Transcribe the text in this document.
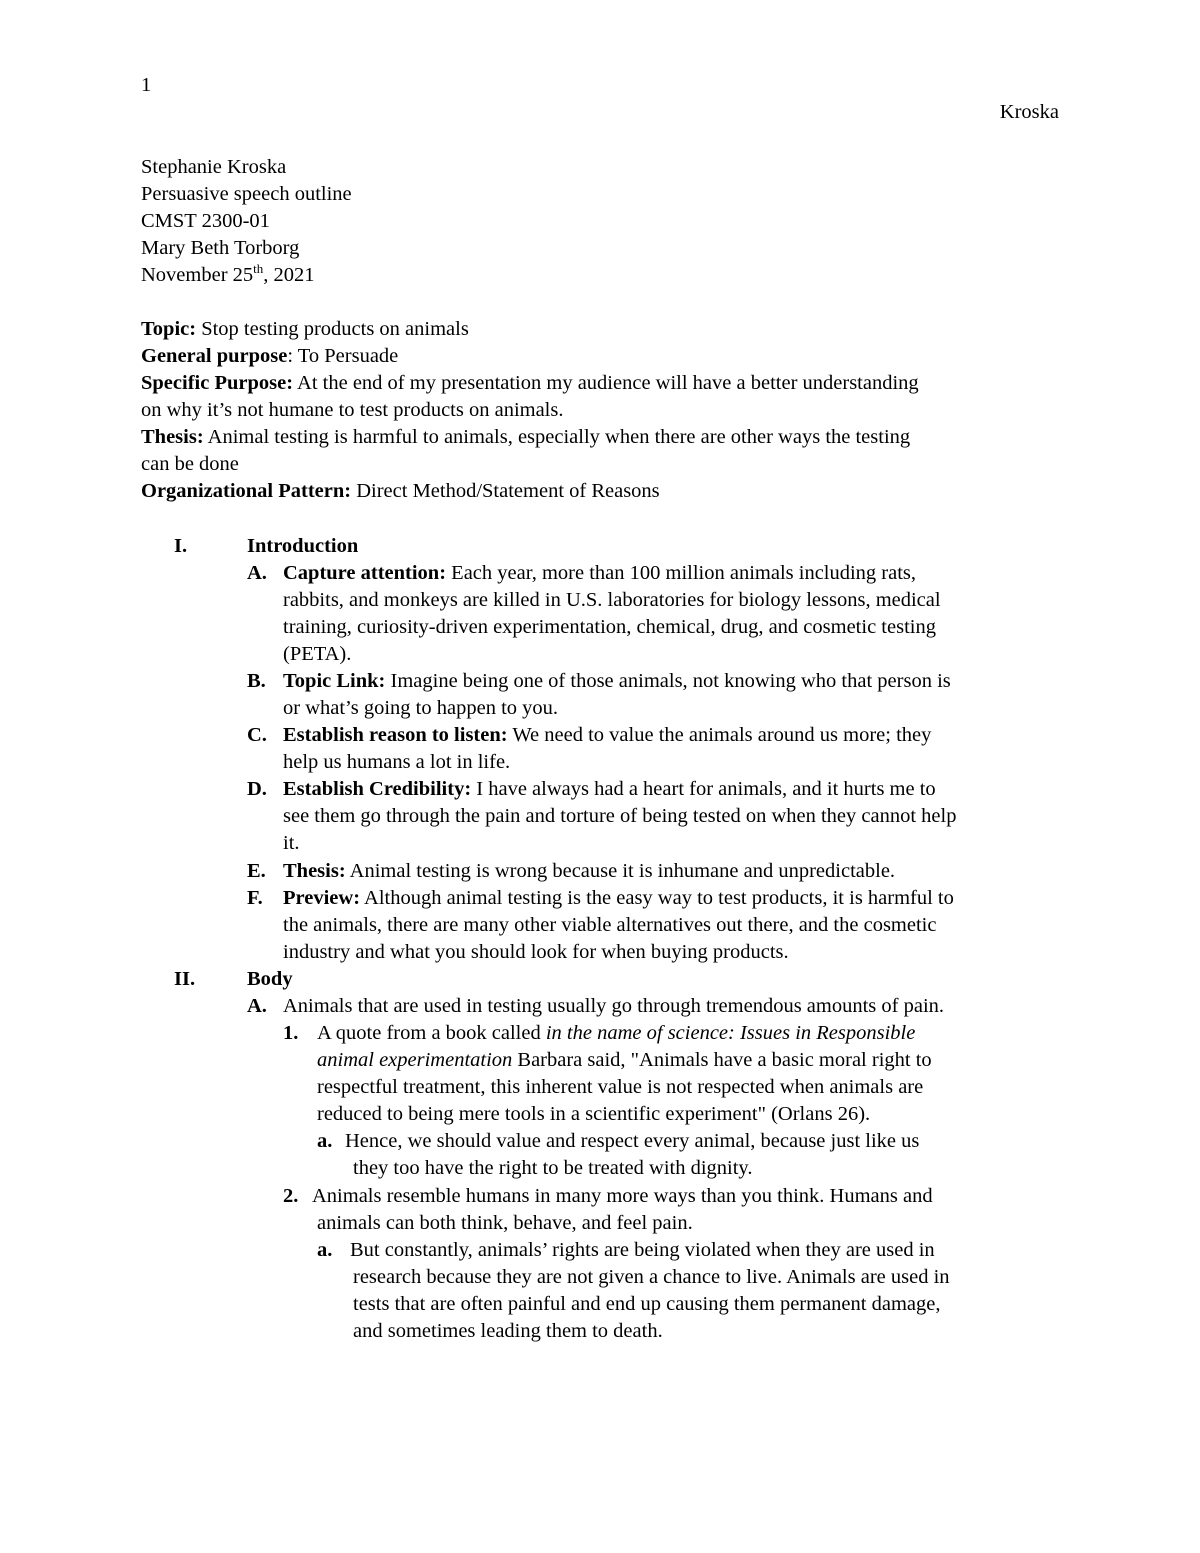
1
Kroska
Stephanie Kroska
Persuasive speech outline
CMST 2300-01
Mary Beth Torborg
November 25th, 2021
Topic: Stop testing products on animals
General purpose: To Persuade
Specific Purpose: At the end of my presentation my audience will have a better understanding
on why it’s not humane to test products on animals.
Thesis: Animal testing is harmful to animals, especially when there are other ways the testing
can be done
Organizational Pattern: Direct Method/Statement of Reasons
I.	Introduction
A. Capture attention: Each year, more than 100 million animals including rats,
rabbits, and monkeys are killed in U.S. laboratories for biology lessons, medical
training, curiosity-driven experimentation, chemical, drug, and cosmetic testing
(PETA).
B. Topic Link: Imagine being one of those animals, not knowing who that person is
or what’s going to happen to you.
C. Establish reason to listen: We need to value the animals around us more; they
help us humans a lot in life.
D. Establish Credibility: I have always had a heart for animals, and it hurts me to
see them go through the pain and torture of being tested on when they cannot help
it.
E. Thesis: Animal testing is wrong because it is inhumane and unpredictable.
F. Preview: Although animal testing is the easy way to test products, it is harmful to
the animals, there are many other viable alternatives out there, and the cosmetic
industry and what you should look for when buying products.
II.	Body
A. Animals that are used in testing usually go through tremendous amounts of pain.
1. A quote from a book called in the name of science: Issues in Responsible
animal experimentation Barbara said, "Animals have a basic moral right to
respectful treatment, this inherent value is not respected when animals are
reduced to being mere tools in a scientific experiment" (Orlans 26).
a. Hence, we should value and respect every animal, because just like us
they too have the right to be treated with dignity.
2. Animals resemble humans in many more ways than you think. Humans and
animals can both think, behave, and feel pain.
a. But constantly, animals’ rights are being violated when they are used in
research because they are not given a chance to live. Animals are used in
tests that are often painful and end up causing them permanent damage,
and sometimes leading them to death.
